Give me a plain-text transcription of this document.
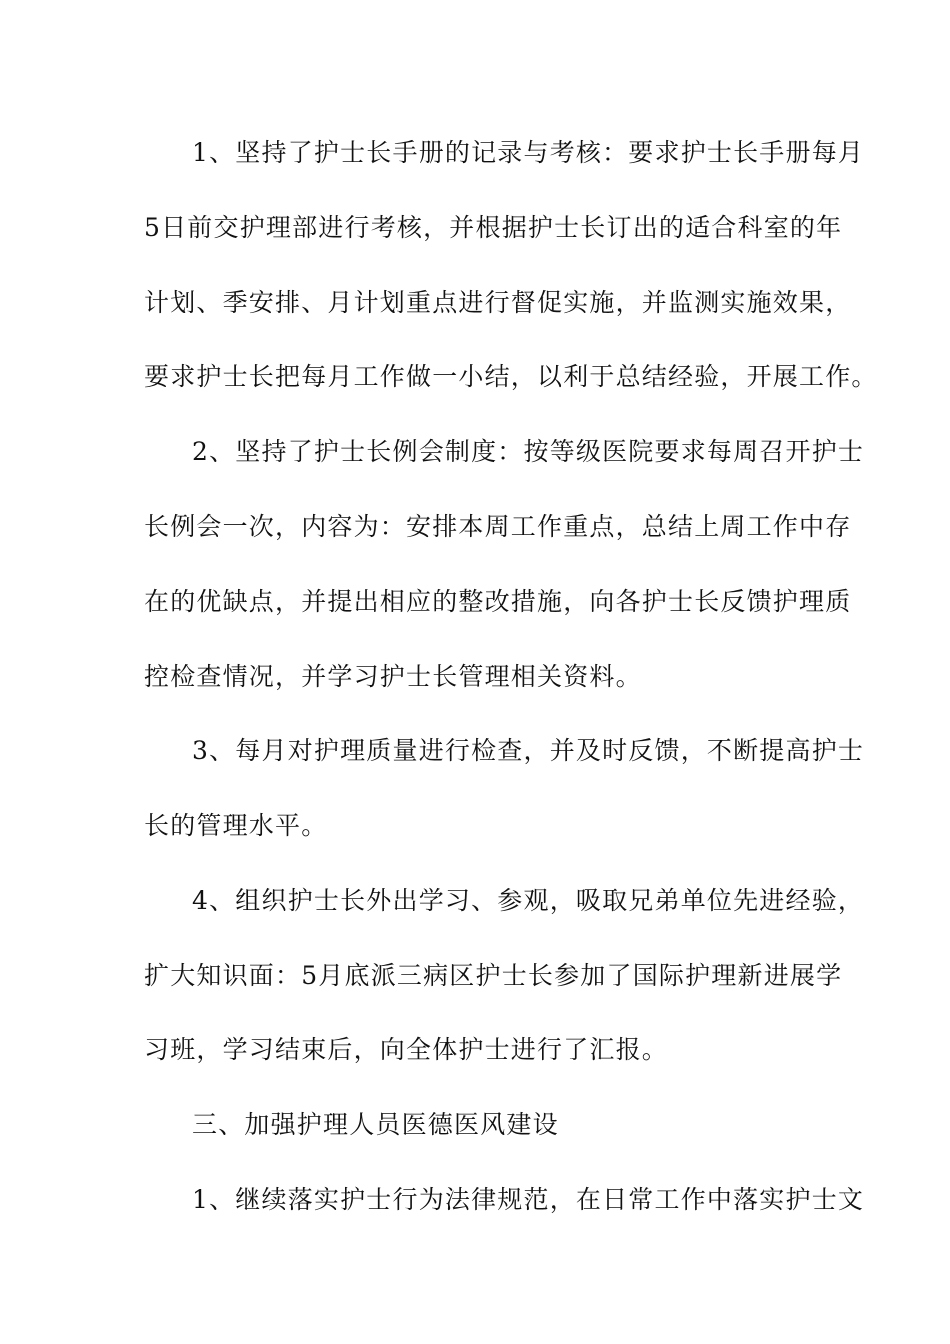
1、坚持了护士长手册的记录与考核：要求护士长手册每月
5日前交护理部进行考核，并根据护士长订出的适合科室的年
计划、季安排、月计划重点进行督促实施，并监测实施效果，
要求护士长把每月工作做一小结，以利于总结经验，开展工作。
2、坚持了护士长例会制度：按等级医院要求每周召开护士
长例会一次，内容为：安排本周工作重点，总结上周工作中存
在的优缺点，并提出相应的整改措施，向各护士长反馈护理质
控检查情况，并学习护士长管理相关资料。
3、每月对护理质量进行检查，并及时反馈，不断提高护士
长的管理水平。
4、组织护士长外出学习、参观，吸取兄弟单位先进经验，
扩大知识面：5月底派三病区护士长参加了国际护理新进展学
习班，学习结束后，向全体护士进行了汇报。
三、加强护理人员医德医风建设
1、继续落实护士行为法律规范，在日常工作中落实护士文
